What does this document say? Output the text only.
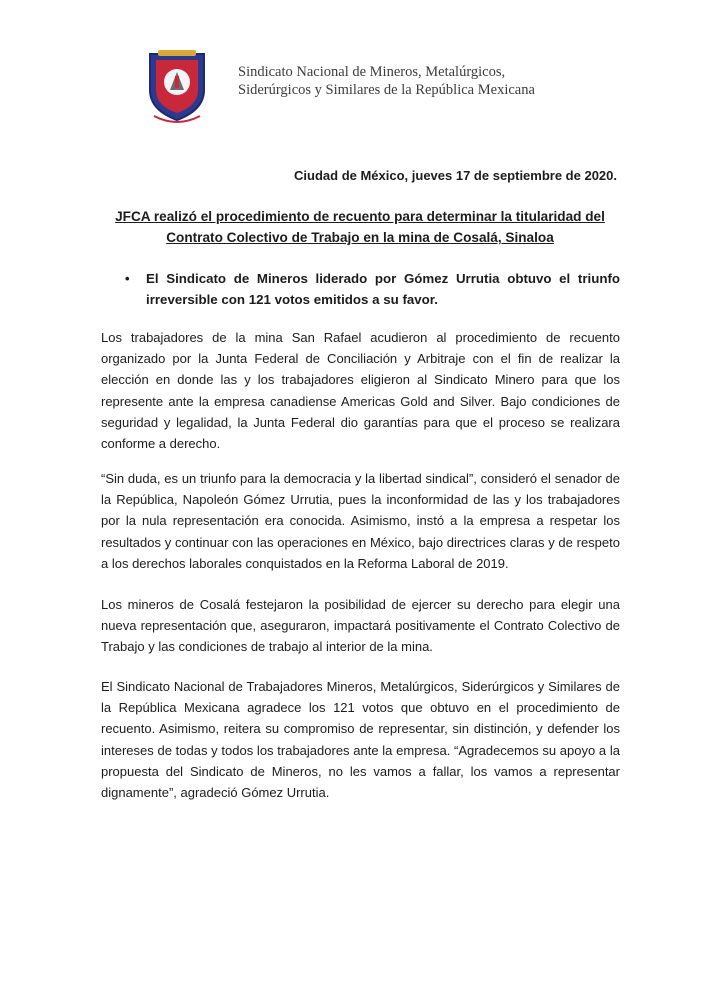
Sindicato Nacional de Mineros, Metalúrgicos,
Siderúrgicos y Similares de la República Mexicana
Ciudad de México, jueves 17 de septiembre de 2020.
JFCA realizó el procedimiento de recuento para determinar la titularidad del Contrato Colectivo de Trabajo en la mina de Cosalá, Sinaloa
•	El Sindicato de Mineros liderado por Gómez Urrutia obtuvo el triunfo irreversible con 121 votos emitidos a su favor.
Los trabajadores de la mina San Rafael acudieron al procedimiento de recuento organizado por la Junta Federal de Conciliación y Arbitraje con el fin de realizar la elección en donde las y los trabajadores eligieron al Sindicato Minero para que los represente ante la empresa canadiense Americas Gold and Silver. Bajo condiciones de seguridad y legalidad, la Junta Federal dio garantías para que el proceso se realizara conforme a derecho.
“Sin duda, es un triunfo para la democracia y la libertad sindical”, consideró el senador de la República, Napoleón Gómez Urrutia, pues la inconformidad de las y los trabajadores por la nula representación era conocida. Asimismo, instó a la empresa a respetar los resultados y continuar con las operaciones en México, bajo directrices claras y de respeto a los derechos laborales conquistados en la Reforma Laboral de 2019.
Los mineros de Cosalá festejaron la posibilidad de ejercer su derecho para elegir una nueva representación que, aseguraron, impactará positivamente el Contrato Colectivo de Trabajo y las condiciones de trabajo al interior de la mina.
El Sindicato Nacional de Trabajadores Mineros, Metalúrgicos, Siderúrgicos y Similares de la República Mexicana agradece los 121 votos que obtuvo en el procedimiento de recuento. Asimismo, reitera su compromiso de representar, sin distinción, y defender los intereses de todas y todos los trabajadores ante la empresa. “Agradecemos su apoyo a la propuesta del Sindicato de Mineros, no les vamos a fallar, los vamos a representar dignamente”, agradeció Gómez Urrutia.
